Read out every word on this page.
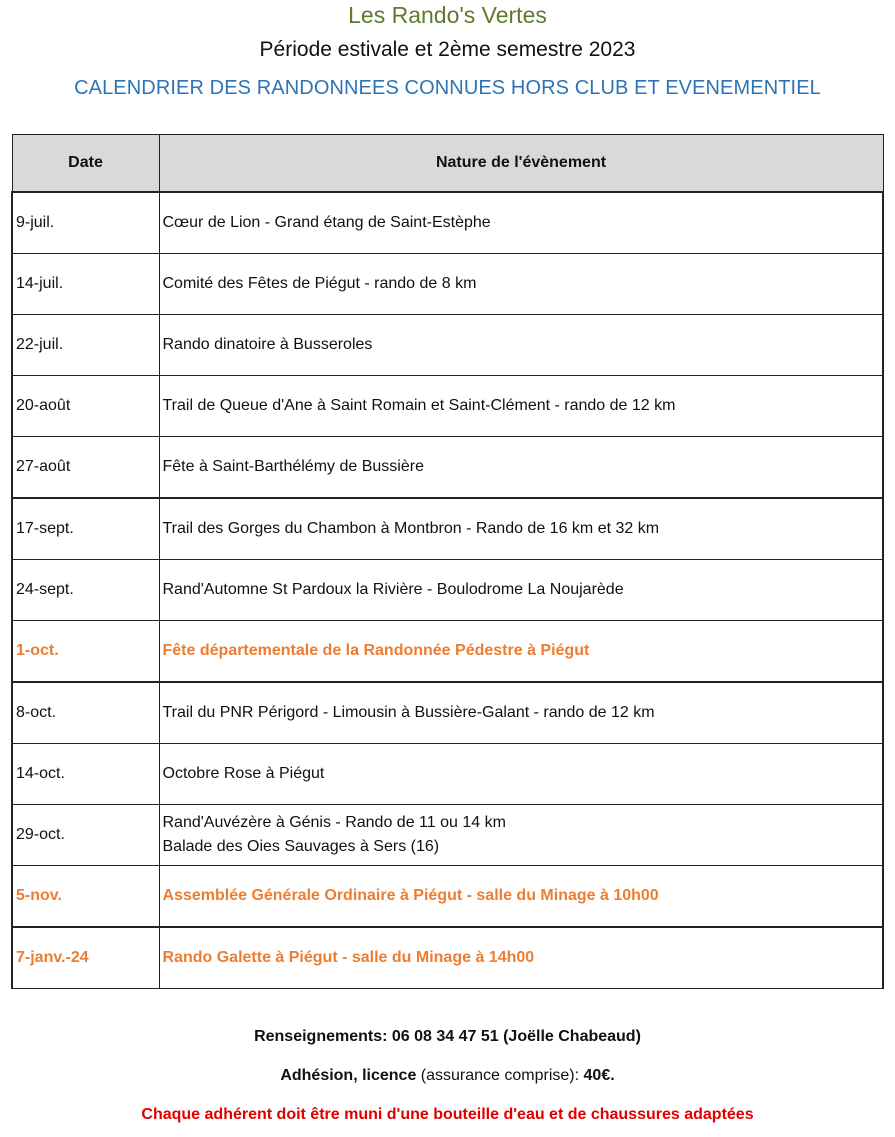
Les Rando's Vertes
Période estivale et 2ème semestre 2023
CALENDRIER DES RANDONNEES CONNUES HORS CLUB ET EVENEMENTIEL
Date	Nature de l'évènement
9-juil.	Cœur de Lion - Grand étang de Saint-Estèphe
14-juil.	Comité des Fêtes de Piégut - rando de 8 km
22-juil.	Rando dinatoire à Busseroles
20-août	Trail de Queue d'Ane à Saint Romain et Saint-Clément - rando de 12 km
27-août	Fête à Saint-Barthélémy de Bussière
17-sept.	Trail des Gorges du Chambon à Montbron - Rando de 16 km et 32 km
24-sept.	Rand'Automne St Pardoux la Rivière - Boulodrome La Noujarède
1-oct.	Fête départementale de la Randonnée Pédestre à Piégut
8-oct.	Trail du PNR Périgord - Limousin à Bussière-Galant - rando de 12 km
14-oct.	Octobre Rose à Piégut
29-oct.	Rand'Auvézère à Génis - Rando de 11 ou 14 km
Balade des Oies Sauvages à Sers (16)

5-nov.	Assemblée Générale Ordinaire à Piégut - salle du Minage à 10h00
7-janv.-24	Rando Galette à Piégut - salle du Minage à 14h00

Renseignements: 06 08 34 47 51 (Joëlle Chabeaud)

Adhésion, licence (assurance comprise): 40€.

Chaque adhérent doit être muni d'une bouteille d'eau et de chaussures adaptées
